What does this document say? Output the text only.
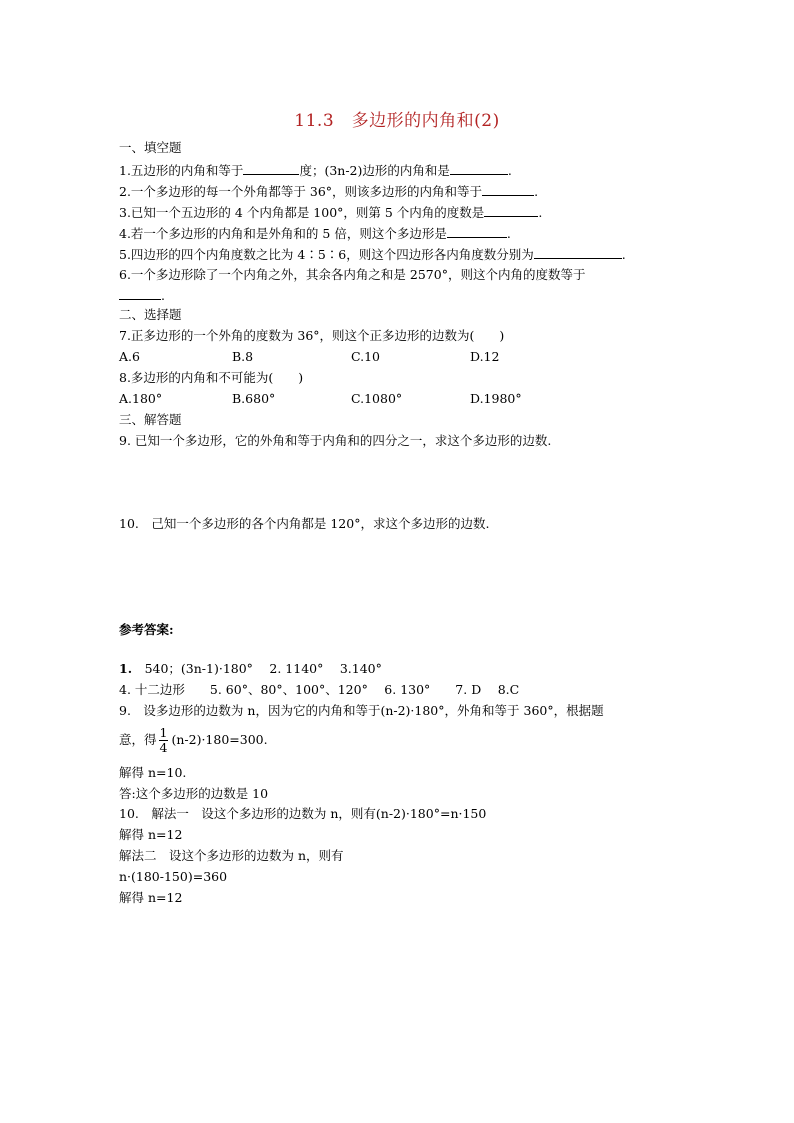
11.3　多边形的内角和(2)
一、填空题
1.五边形的内角和等于	度；(3n-2)边形的内角和是	.
2.一个多边形的每一个外角都等于 36°，则该多边形的内角和等于	.
3.已知一个五边形的 4 个内角都是 100°，则第 5 个内角的度数是	.
4.若一个多边形的内角和是外角和的 5 倍，则这个多边形是	.
5.四边形的四个内角度数之比为 4∶5∶6，则这个四边形各内角度数分别为	.
6.一个多边形除了一个内角之外，其余各内角之和是 2570°，则这个内角的度数等于
.
二、选择题
7.正多边形的一个外角的度数为 36°，则这个正多边形的边数为(　　)
A.6	B.8	C.10	D.12
8.多边形的内角和不可能为(　　)
A.180°	B.680°	C.1080°	D.1980°
三、解答题
9. 已知一个多边形，它的外角和等于内角和的四分之一，求这个多边形的边数.
10.　己知一个多边形的各个内角都是 120°，求这个多边形的边数.
参考答案:
1.　540；(3n-1)·180°　 2. 1140°　 3.140°
4. 十二边形　　5. 60°、80°、100°、120°　 6. 130°　　7. D　 8.C
9.　设多边形的边数为 n，因为它的内角和等于(n-2)·180°，外角和等于 360°，根据题
意，得 $\frac{1}{4} (n-2)\cdot 180=300$.
解得 n=10.
答:这个多边形的边数是 10
10.　解法一　设这个多边形的边数为 n，则有(n-2)·180°=n·150
解得 n=12
解法二　设这个多边形的边数为 n，则有
n·(180-150)=360
解得 n=12
